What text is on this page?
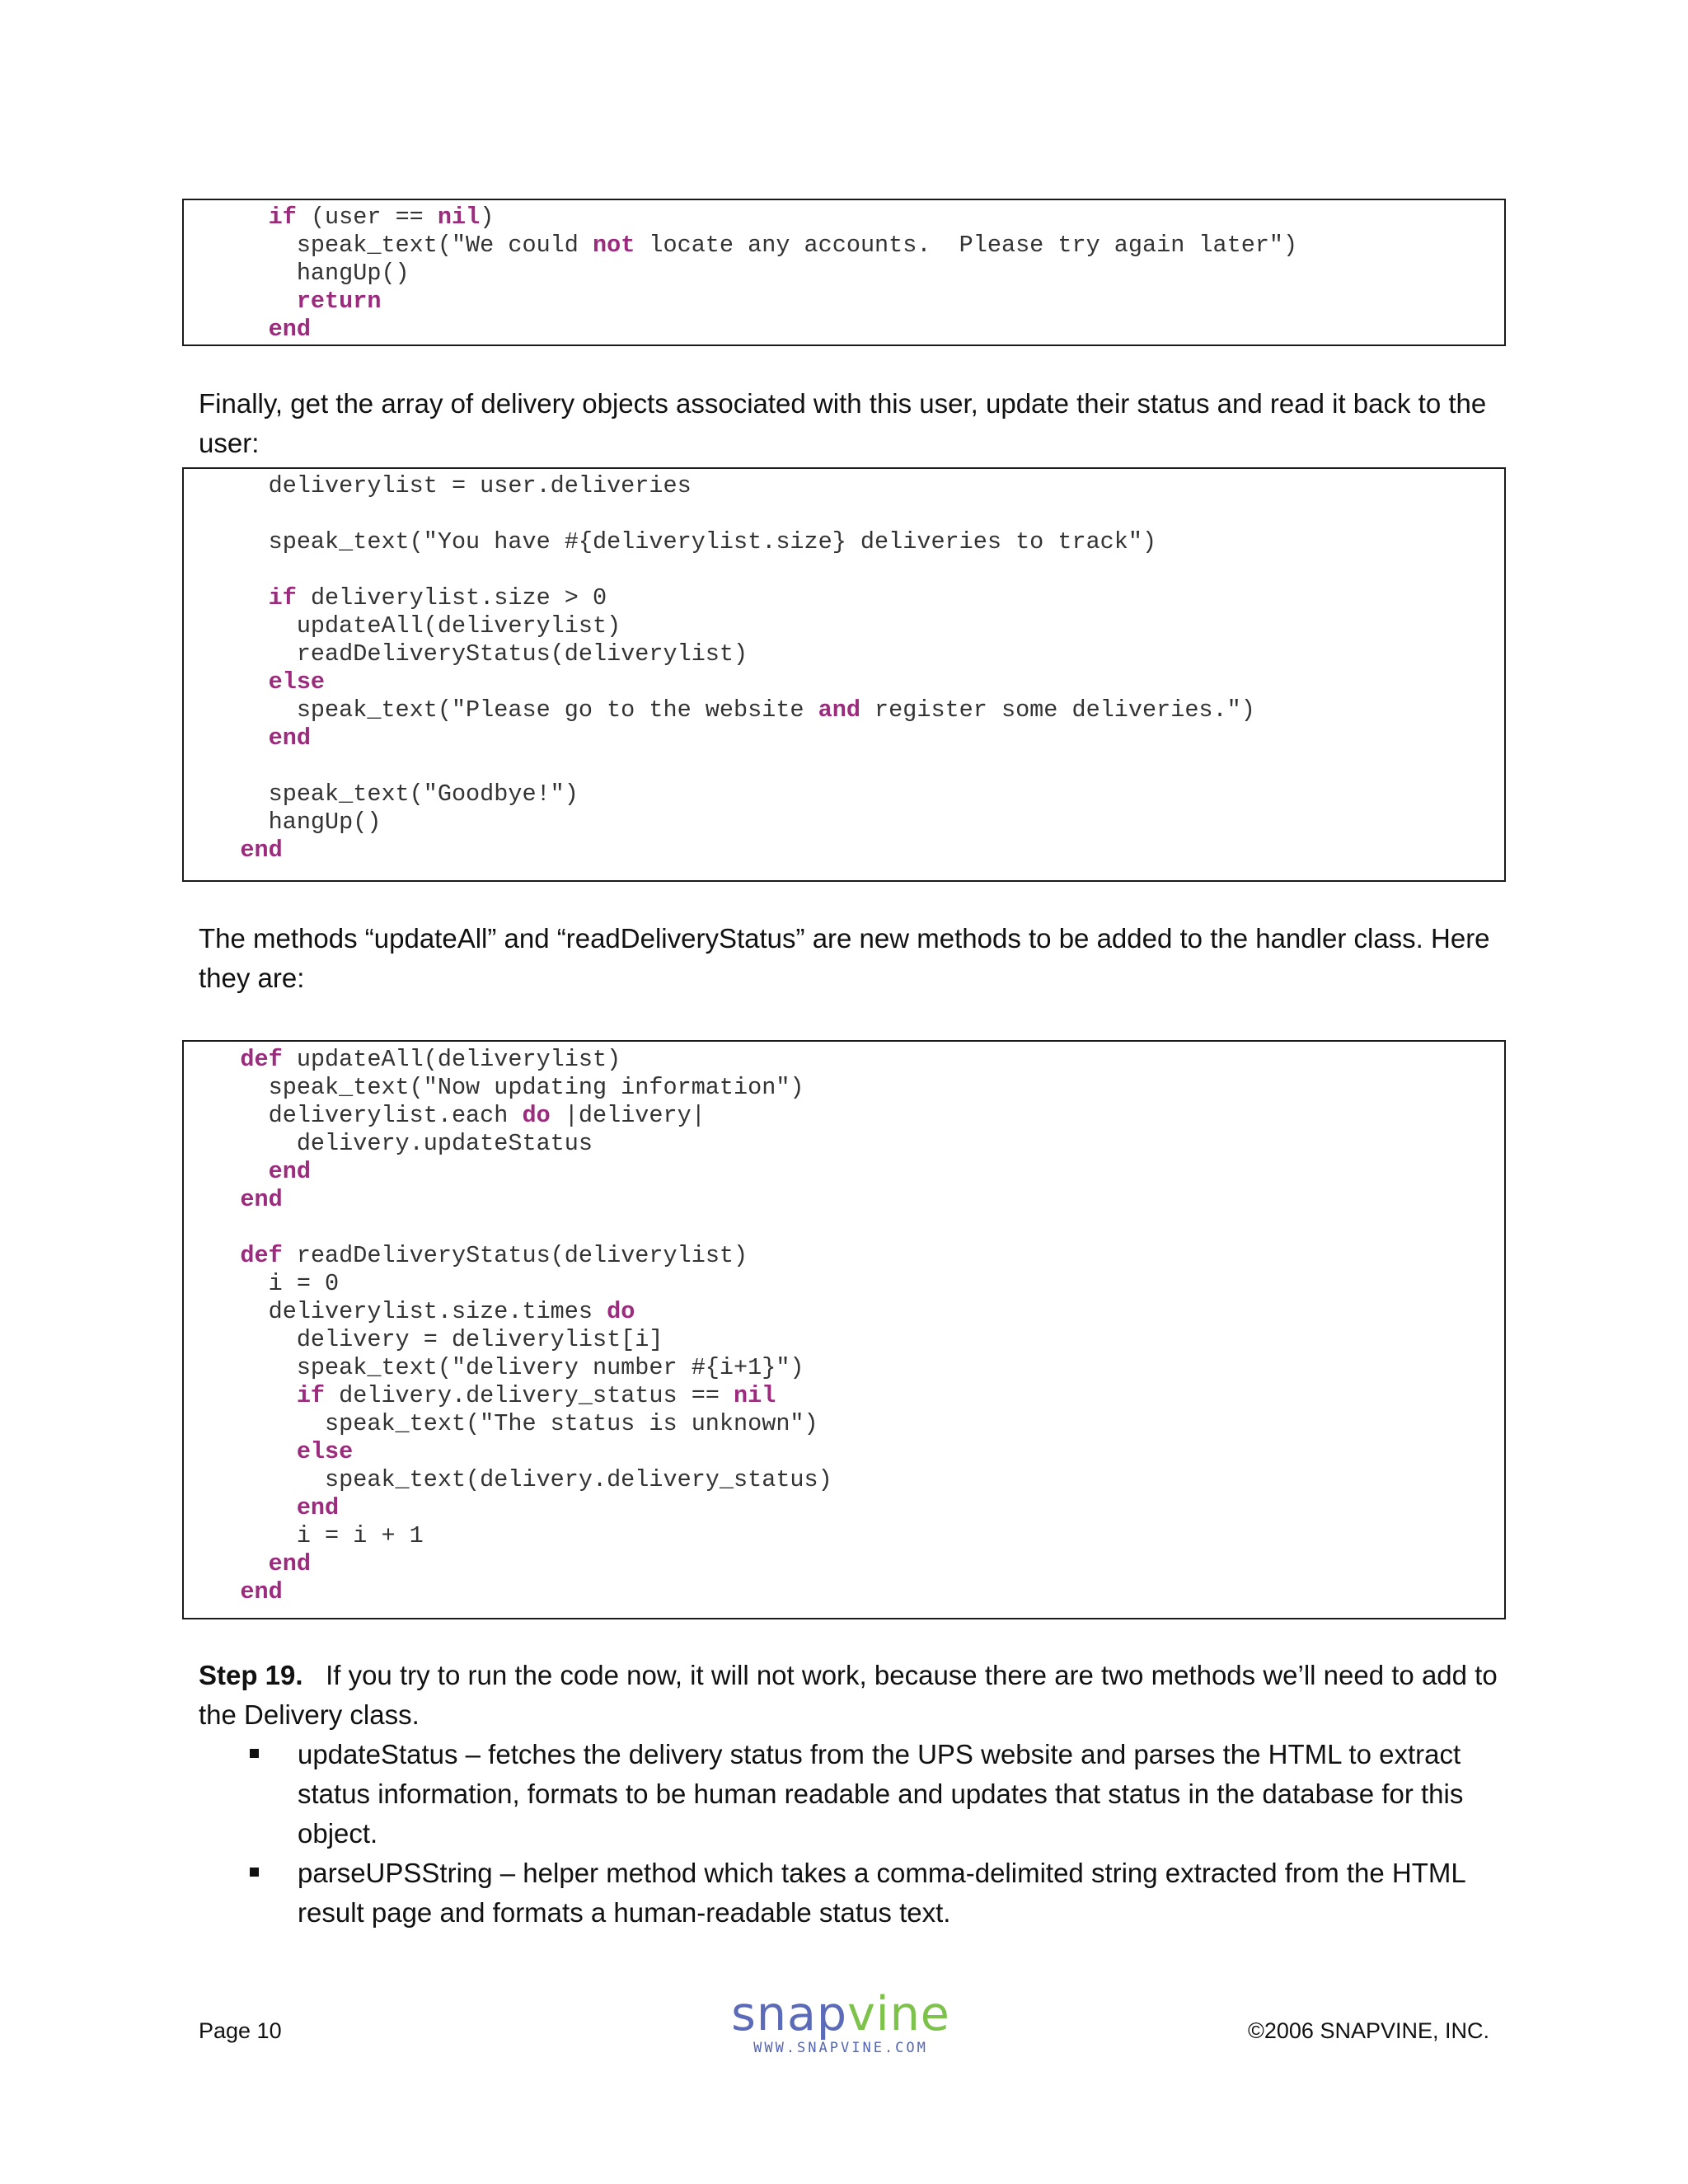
if (user == nil)
speak_text("We could not locate any accounts.  Please try again later")
hangUp()
return
end

Finally, get the array of delivery objects associated with this user, update their status and read it back to the user:

deliverylist = user.deliveries
speak_text("You have #{deliverylist.size} deliveries to track")
if deliverylist.size > 0
updateAll(deliverylist)
readDeliveryStatus(deliverylist)
else
speak_text("Please go to the website and register some deliveries.")
end
speak_text("Goodbye!")
hangUp()
end

The methods “updateAll” and “readDeliveryStatus” are new methods to be added to the handler class. Here they are:

def updateAll(deliverylist)
speak_text("Now updating information")
deliverylist.each do |delivery|
delivery.updateStatus
end
end
def readDeliveryStatus(deliverylist)
i = 0
deliverylist.size.times do
delivery = deliverylist[i]
speak_text("delivery number #{i+1}")
if delivery.delivery_status == nil
speak_text("The status is unknown")
else
speak_text(delivery.delivery_status)
end
i = i + 1
end
end

Step 19. If you try to run the code now, it will not work, because there are two methods we’ll need to add to the Delivery class.

updateStatus – fetches the delivery status from the UPS website and parses the HTML to extract status information, formats to be human readable and updates that status in the database for this object.
parseUPSString – helper method which takes a comma-delimited string extracted from the HTML result page and formats a human-readable status text.
Page 10	snapvine
WWW.SNAPVINE.COM
©2006 SNAPVINE, INC.
